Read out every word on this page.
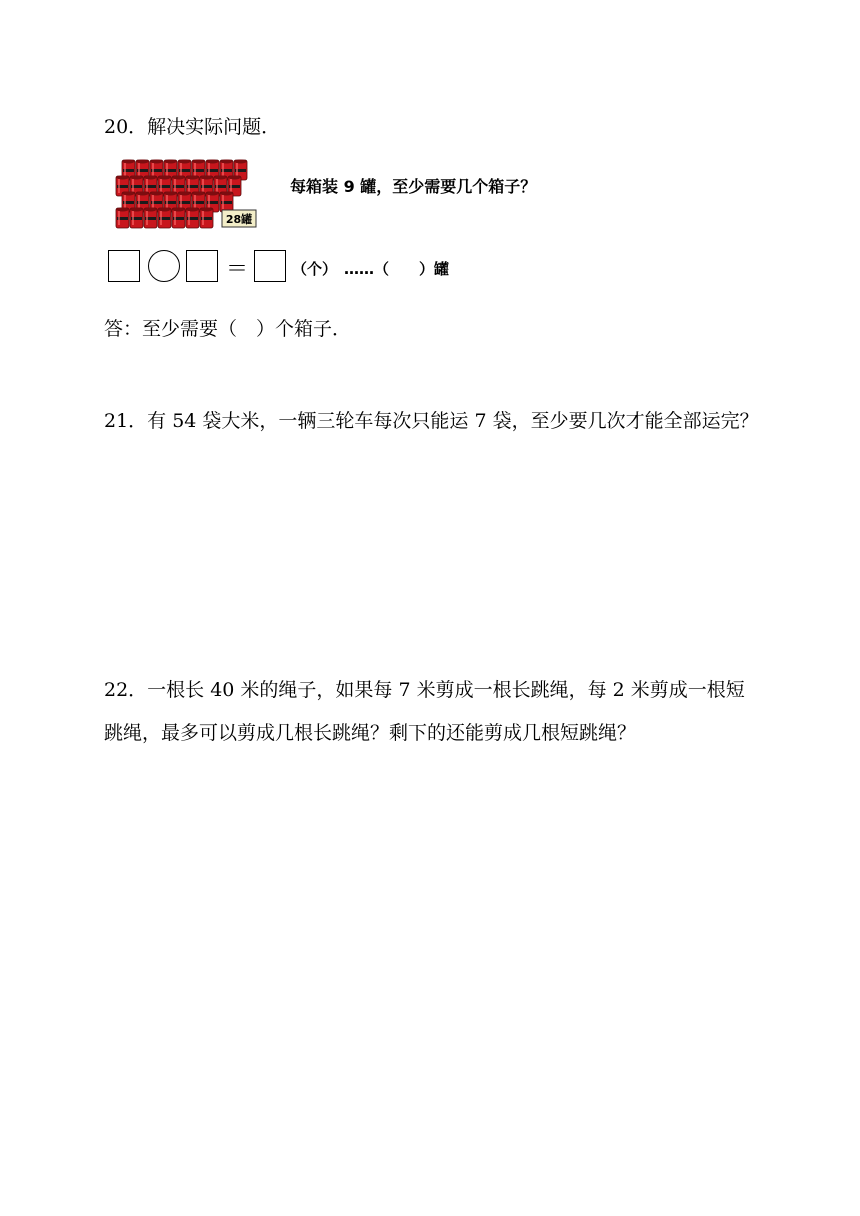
20．解决实际问题．
28罐
每箱装 9 罐，至少需要几个箱子？
＝	（个） ……（　　）罐
答：至少需要（　）个箱子．
21．有 54 袋大米，一辆三轮车每次只能运 7 袋，至少要几次才能全部运完？
22．一根长 40 米的绳子，如果每 7 米剪成一根长跳绳，每 2 米剪成一根短
跳绳，最多可以剪成几根长跳绳？剩下的还能剪成几根短跳绳？
